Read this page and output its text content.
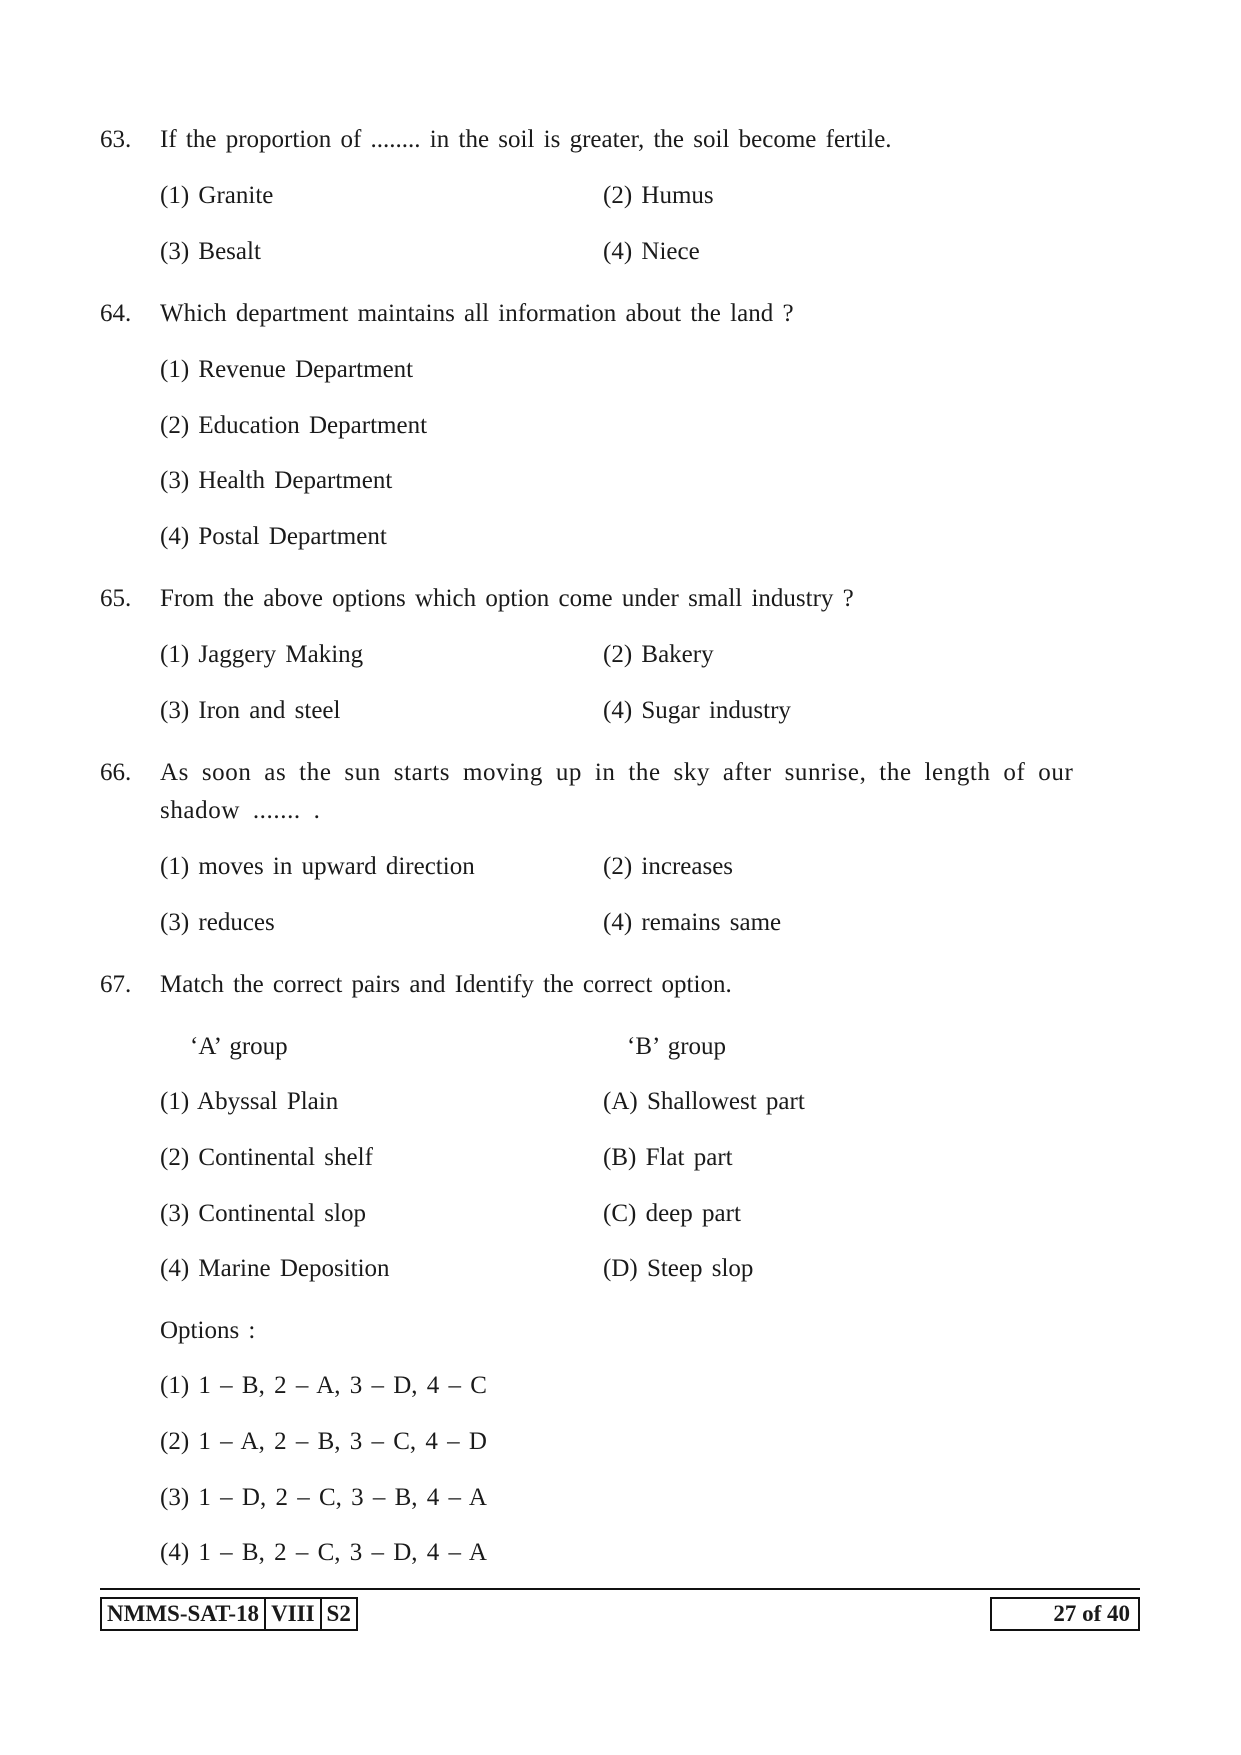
63. If the proportion of ........ in the soil is greater, the soil become fertile.
(1) Granite	(2) Humus
(3) Besalt	(4) Niece
64. Which department maintains all information about the land ?
(1) Revenue Department
(2) Education Department
(3) Health Department
(4) Postal Department
65. From the above options which option come under small industry ?
(1) Jaggery Making	(2) Bakery
(3) Iron and steel	(4) Sugar industry
66. As soon as the sun starts moving up in the sky after sunrise, the length of our
shadow ....... .
(1) moves in upward direction	(2) increases
(3) reduces	(4) remains same
67. Match the correct pairs and Identify the correct option.
‘A’ group	‘B’ group
(1) Abyssal Plain	(A) Shallowest part
(2) Continental shelf	(B) Flat part
(3) Continental slop	(C) deep part
(4) Marine Deposition	(D) Steep slop
Options :
(1) 1 – B, 2 – A, 3 – D, 4 – C
(2) 1 – A, 2 – B, 3 – C, 4 – D
(3) 1 – D, 2 – C, 3 – B, 4 – A
(4) 1 – B, 2 – C, 3 – D, 4 – A
NMMS-SAT-18 VIII S2	27 of 40
